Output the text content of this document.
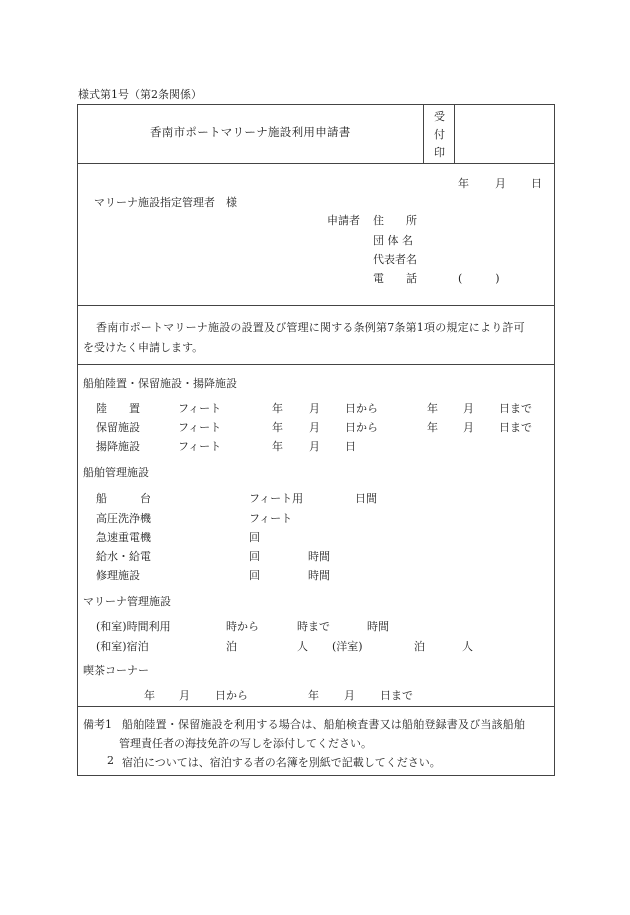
様式第1号（第2条関係）
香南市ポートマリーナ施設利用申請書
受
付
印
年 月 日
マリーナ施設指定管理者　様
申請者 住　　所
団 体 名
代表者名
電　　話	(　　　)
香南市ポートマリーナ施設の設置及び管理に関する条例第7条第1項の規定により許可
を受けたく申請します。
船舶陸置・保留施設・揚降施設
陸　　置	フィート	年 月 日から	年 月 日まで
保留施設	フィート	年 月 日から	年 月 日まで
揚降施設	フィート	年 月 日
船舶管理施設
船　　　台	フィート用	日間
高圧洗浄機	フィート
急速重電機	回
給水・給電	回	時間
修理施設	回	時間
マリーナ管理施設
(和室)時間利用	時から	時まで	時間
(和室)宿泊	泊	人 (洋室)	泊	人
喫茶コーナー
年 月 日から	年 月 日まで
備考1 船舶陸置・保留施設を利用する場合は、船舶検査書又は船舶登録書及び当該船舶
管理責任者の海技免許の写しを添付してください。
2 宿泊については、宿泊する者の名簿を別紙で記載してください。
